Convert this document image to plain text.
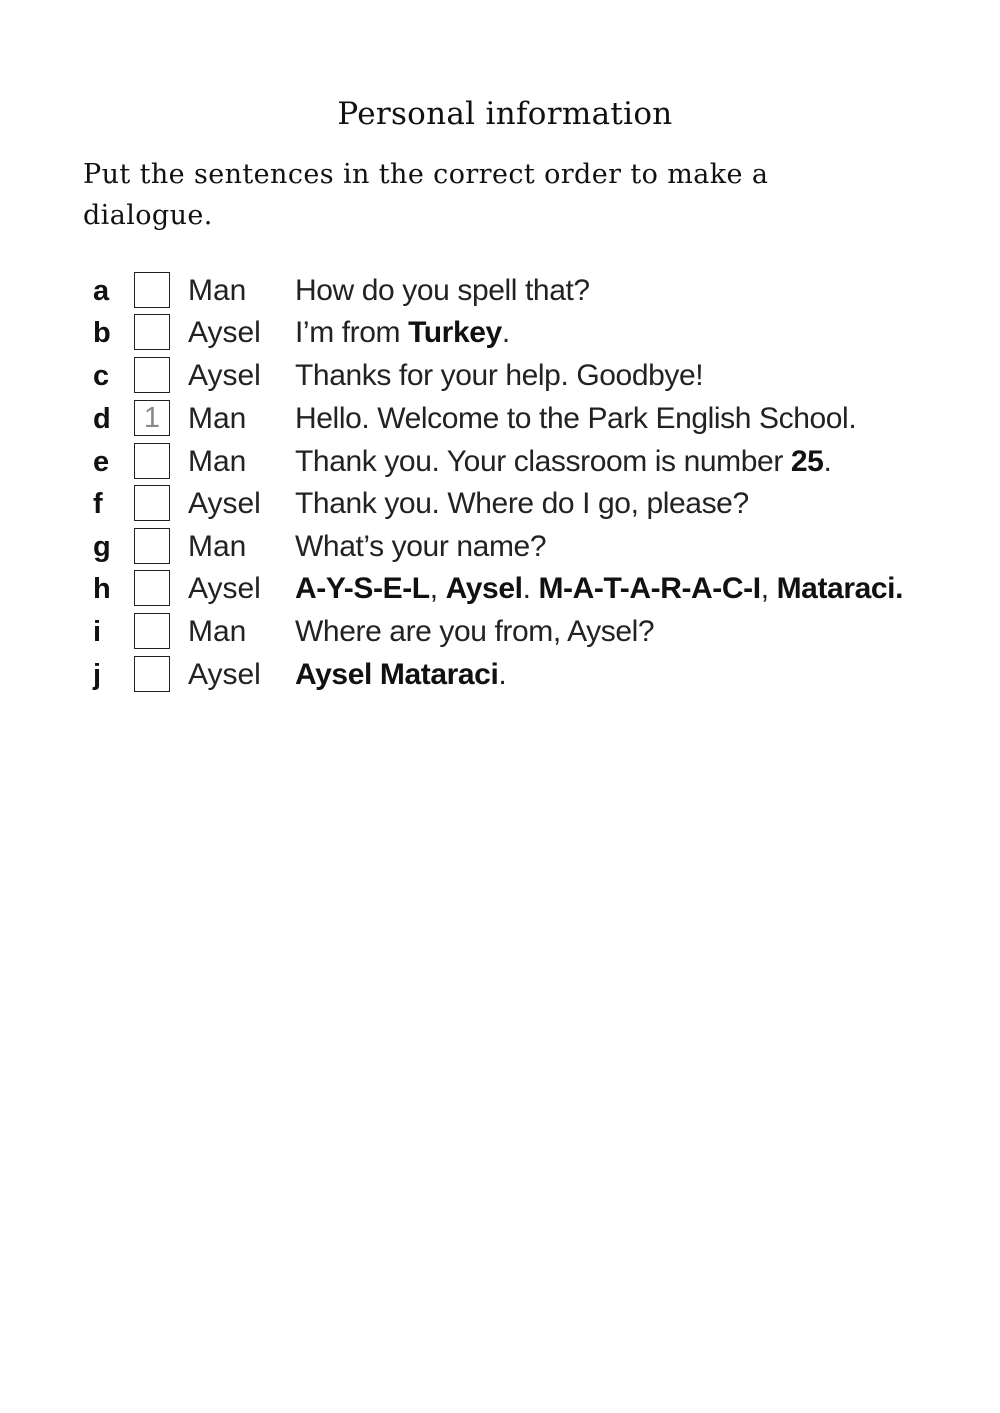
Personal information
Put the sentences in the correct order to make a dialogue.
a	Man How do you spell that?
b	Aysel I’m from Turkey.
c	Aysel Thanks for your help. Goodbye!
d	1 Man Hello. Welcome to the Park English School.
e	Man Thank you. Your classroom is number 25.
f	Aysel Thank you. Where do I go, please?
g	Man What’s your name?
h	Aysel A-Y-S-E-L, Aysel. M-A-T-A-R-A-C-I, Mataraci.
i	Man Where are you from, Aysel?
j	Aysel Aysel Mataraci.
